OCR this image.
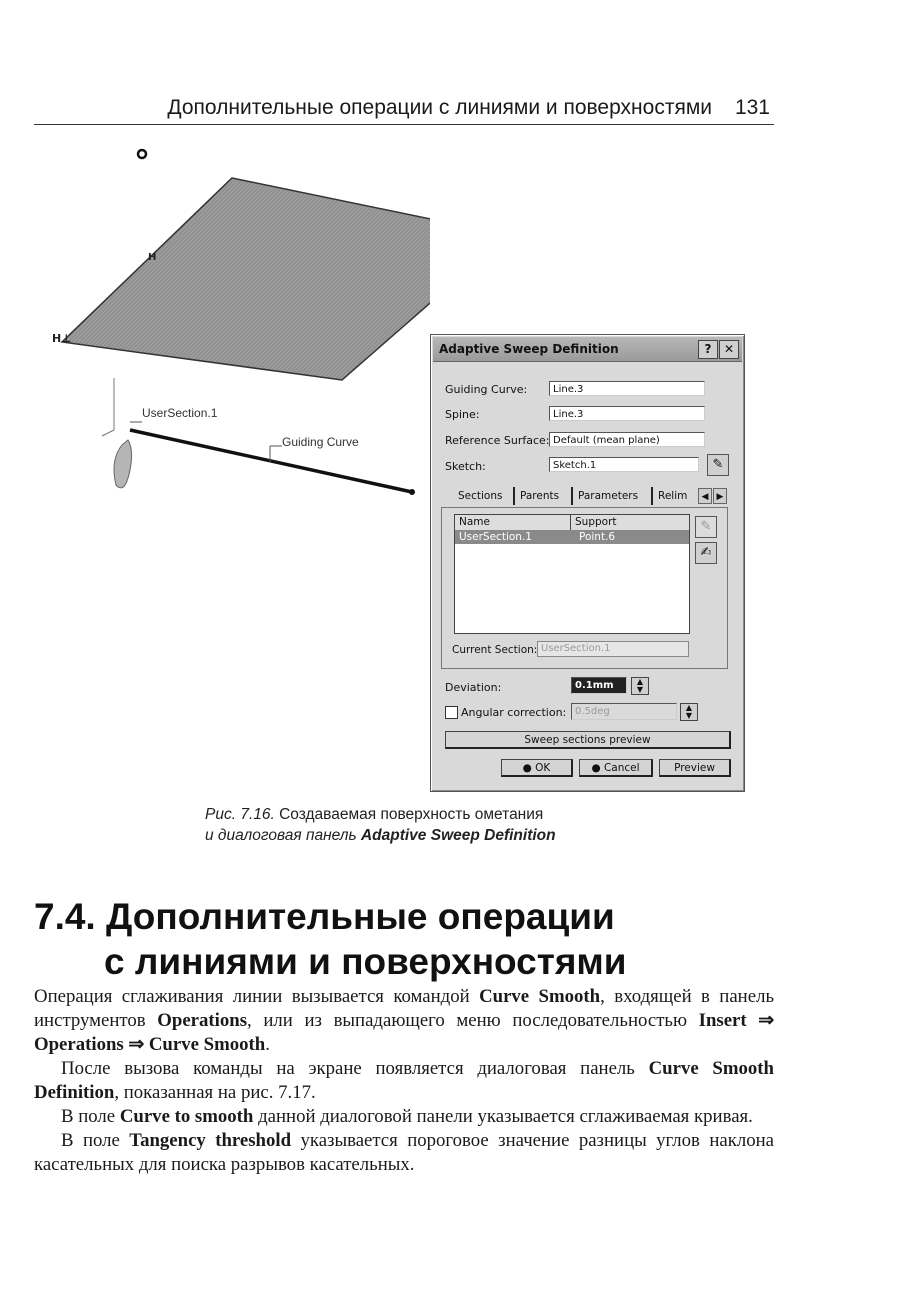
Дополнительные операции с линиями и поверхностями 131
H⊥
H
UserSection.1
Guiding Curve
Adaptive Sweep Definition	?	✕
Guiding Curve:	Line.3
Spine:	Line.3
Reference Surface: Default (mean plane)
Sketch:	Sketch.1	✎
Sections	Parents	Parameters	Relim	◀ ▶
Name	Support
UserSection.1	Point.6
✎
✍
Current Section: UserSection.1
Deviation:	0.1mm	▲
▼
Angular correction: 0.5deg	▲
▼
Sweep sections preview
● OK	● Cancel	Preview
Рис. 7.16. Создаваемая поверхность ометания
и диалоговая панель Adaptive Sweep Definition
7.4. Дополнительные операции
с линиями и поверхностями

Операция сглаживания линии вызывается командой Curve Smooth, входящей в панель инструментов Operations, или из выпадающего меню последовательностью Insert ⇒ Operations ⇒ Curve Smooth.

После вызова команды на экране появляется диалоговая панель Curve Smooth Definition, показанная на рис. 7.17.

В поле Curve to smooth данной диалоговой панели указывается сглаживаемая кривая.

В поле Tangency threshold указывается пороговое значение разницы углов наклона касательных для поиска разрывов касательных.
